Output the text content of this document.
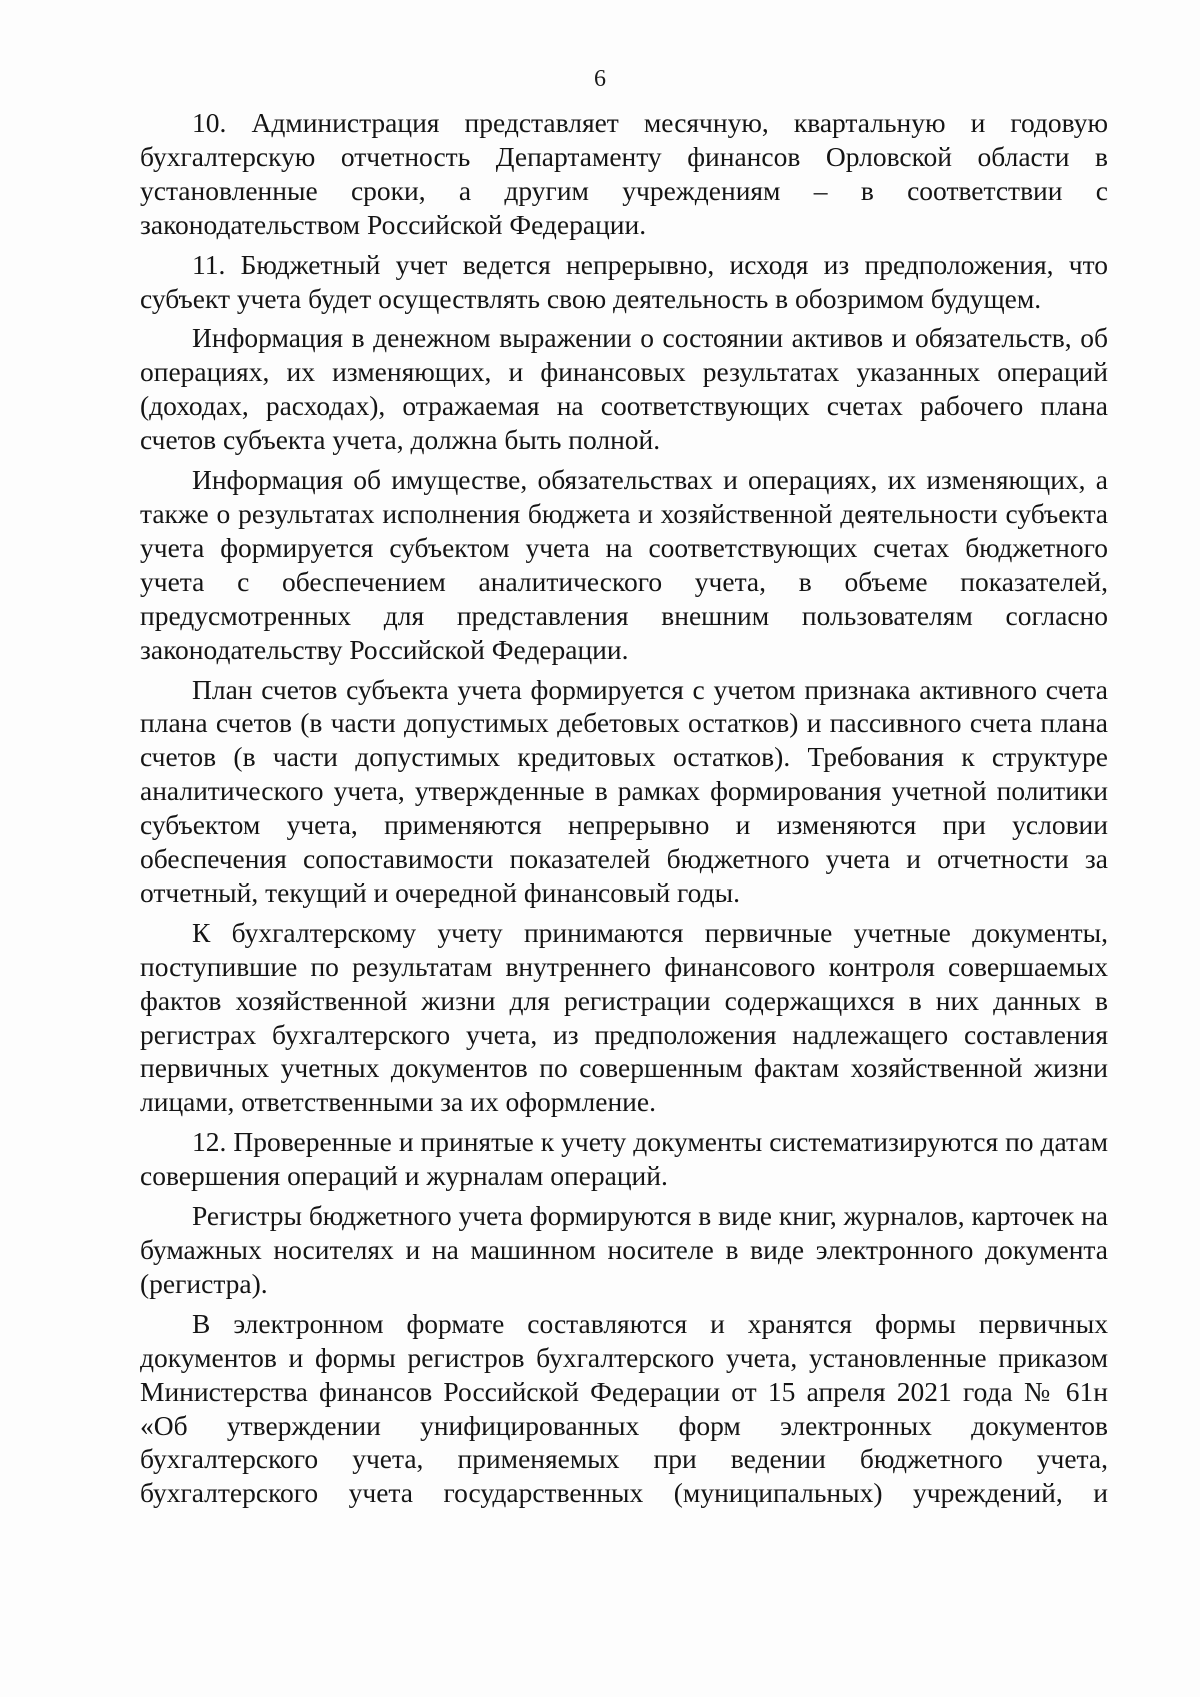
6

10. Администрация представляет месячную, квартальную и годовую бухгалтерскую отчетность Департаменту финансов Орловской области в установленные сроки, а другим учреждениям – в соответствии с законодательством Российской Федерации.

11. Бюджетный учет ведется непрерывно, исходя из предположения, что субъект учета будет осуществлять свою деятельность в обозримом будущем.

Информация в денежном выражении о состоянии активов и обязательств, об операциях, их изменяющих, и финансовых результатах указанных операций (доходах, расходах), отражаемая на соответствующих счетах рабочего плана счетов субъекта учета, должна быть полной.

Информация об имуществе, обязательствах и операциях, их изменяющих, а также о результатах исполнения бюджета и хозяйственной деятельности субъекта учета формируется субъектом учета на соответствующих счетах бюджетного учета с обеспечением аналитического учета, в объеме показателей, предусмотренных для представления внешним пользователям согласно законодательству Российской Федерации.

План счетов субъекта учета формируется с учетом признака активного счета плана счетов (в части допустимых дебетовых остатков) и пассивного счета плана счетов (в части допустимых кредитовых остатков). Требования к структуре аналитического учета, утвержденные в рамках формирования учетной политики субъектом учета, применяются непрерывно и изменяются при условии обеспечения сопоставимости показателей бюджетного учета и отчетности за отчетный, текущий и очередной финансовый годы.

К бухгалтерскому учету принимаются первичные учетные документы, поступившие по результатам внутреннего финансового контроля совершаемых фактов хозяйственной жизни для регистрации содержащихся в них данных в регистрах бухгалтерского учета, из предположения надлежащего составления первичных учетных документов по совершенным фактам хозяйственной жизни лицами, ответственными за их оформление.

12. Проверенные и принятые к учету документы систематизируются по датам совершения операций и журналам операций.

Регистры бюджетного учета формируются в виде книг, журналов, карточек на бумажных носителях и на машинном носителе в виде электронного документа (регистра).

В электронном формате составляются и хранятся формы первичных документов и формы регистров бухгалтерского учета, установленные приказом Министерства финансов Российской Федерации от 15 апреля 2021 года № 61н «Об утверждении унифицированных форм электронных документов бухгалтерского учета, применяемых при ведении бюджетного учета, бухгалтерского учета государственных (муниципальных) учреждений, и
